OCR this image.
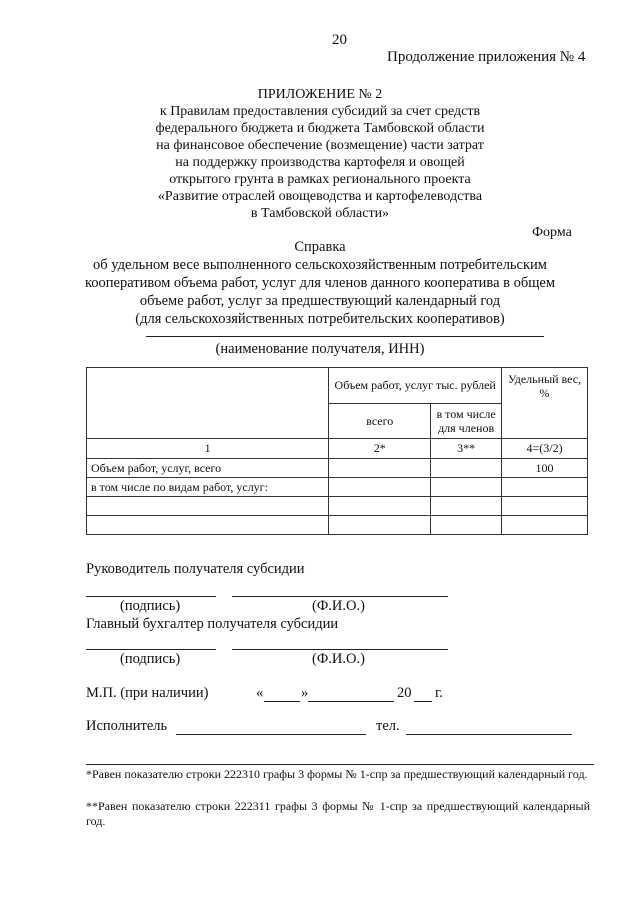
20
Продолжение приложения № 4
ПРИЛОЖЕНИЕ № 2
к Правилам предоставления субсидий за счет средств
федерального бюджета и бюджета Тамбовской области
на финансовое обеспечение (возмещение) части затрат
на поддержку производства картофеля и овощей
открытого грунта в рамках регионального проекта
«Развитие отраслей овощеводства и картофелеводства
в Тамбовской области»
Форма
Справка
об удельном весе выполненного сельскохозяйственным потребительским
кооперативом объема работ, услуг для членов данного кооператива в общем
объеме работ, услуг за предшествующий календарный год
(для сельскохозяйственных потребительских кооперативов)
(наименование получателя, ИНН)
	Объем работ, услуг тыс. рублей		Удельный вес, %
	всего	в том числе для членов	
1	2*	3**	4=(3/2)
Объем работ, услуг, всего			100
в том числе по видам работ, услуг:			

Руководитель получателя субсидии
(подпись)	(Ф.И.О.)
Главный бухгалтер получателя субсидии
(подпись)	(Ф.И.О.)
М.П. (при наличии)	«	»	20 г.
Исполнитель	тел.
*Равен показателю строки 222310 графы 3 формы № 1-спр за предшествующий календарный год.
**Равен показателю строки 222311 графы 3 формы № 1-спр за предшествующий календарный год.
